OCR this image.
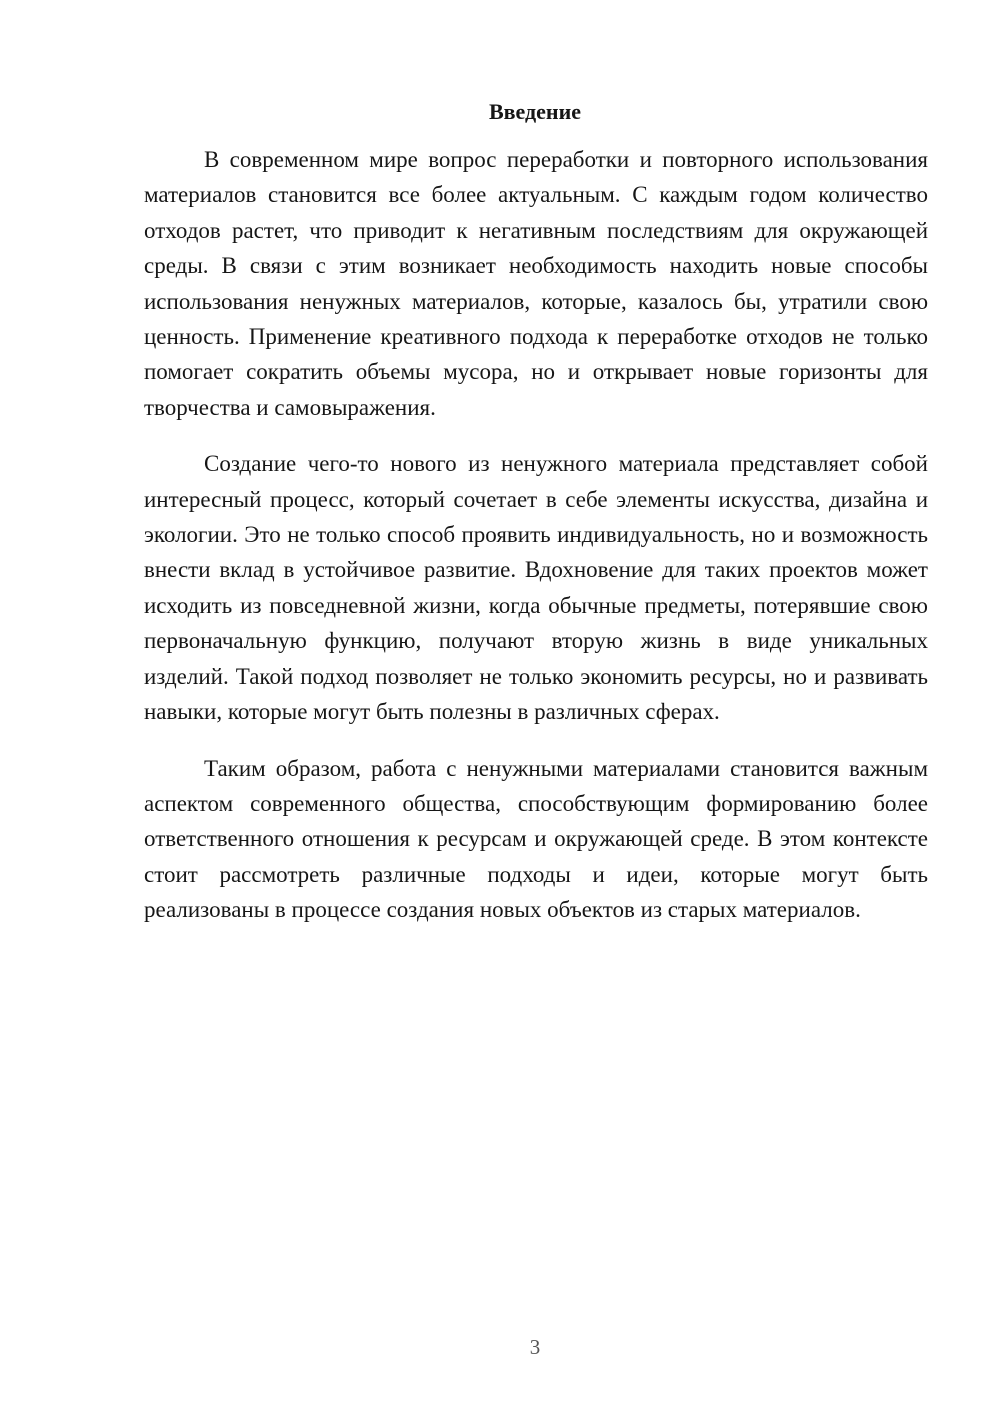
Введение

В современном мире вопрос переработки и повторного использования материалов становится все более актуальным. С каждым годом количество отходов растет, что приводит к негативным последствиям для окружающей среды. В связи с этим возникает необходимость находить новые способы использования ненужных материалов, которые, казалось бы, утратили свою ценность. Применение креативного подхода к переработке отходов не только помогает сократить объемы мусора, но и открывает новые горизонты для творчества и самовыражения.

Создание чего-то нового из ненужного материала представляет собой интересный процесс, который сочетает в себе элементы искусства, дизайна и экологии. Это не только способ проявить индивидуальность, но и возможность внести вклад в устойчивое развитие. Вдохновение для таких проектов может исходить из повседневной жизни, когда обычные предметы, потерявшие свою первоначальную функцию, получают вторую жизнь в виде уникальных изделий. Такой подход позволяет не только экономить ресурсы, но и развивать навыки, которые могут быть полезны в различных сферах.

Таким образом, работа с ненужными материалами становится важным аспектом современного общества, способствующим формированию более ответственного отношения к ресурсам и окружающей среде. В этом контексте стоит рассмотреть различные подходы и идеи, которые могут быть реализованы в процессе создания новых объектов из старых материалов.

3
